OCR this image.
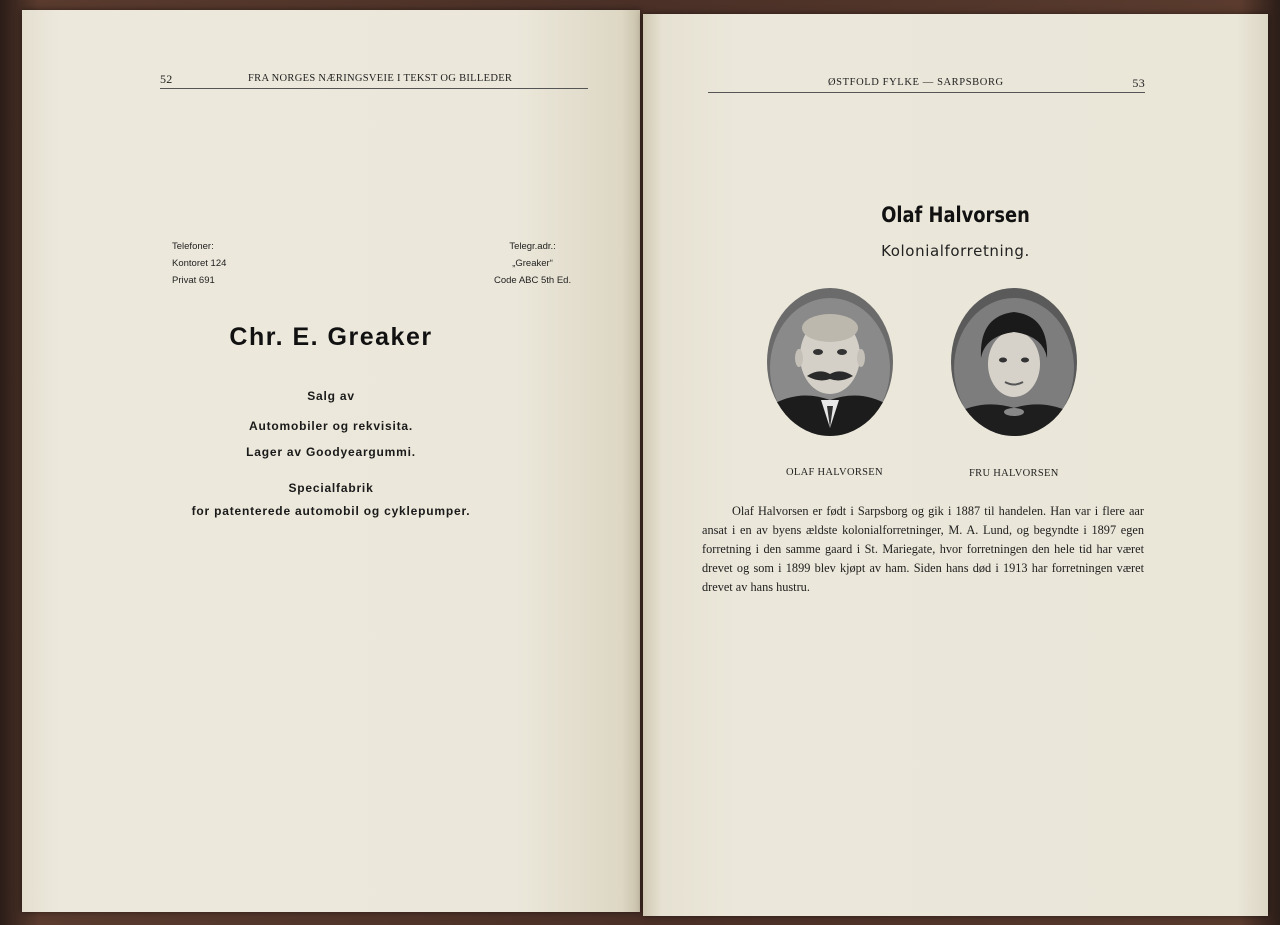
52	FRA NORGES NÆRINGSVEIE I TEKST OG BILLEDER
Telefoner:
Kontoret 124
Privat 691
Telegr.adr.:
„Greaker“
Code ABC 5th Ed.
Chr. E. Greaker
Salg av
Automobiler og rekvisita.
Lager av Goodyeargummi.
Specialfabrik
for patenterede automobil og cyklepumper.
ØSTFOLD FYLKE — SARPSBORG	53
Olaf Halvorsen
Kolonialforretning.
OLAF HALVORSEN	FRU HALVORSEN

Olaf Halvorsen er født i Sarpsborg og gik i 1887 til handelen. Han var i flere aar ansat i en av byens ældste kolonialforretninger, M. A. Lund, og begyndte i 1897 egen forretning i den samme gaard i St. Mariegate, hvor forretningen den hele tid har været drevet og som i 1899 blev kjøpt av ham. Siden hans død i 1913 har forretningen været drevet av hans hustru.
